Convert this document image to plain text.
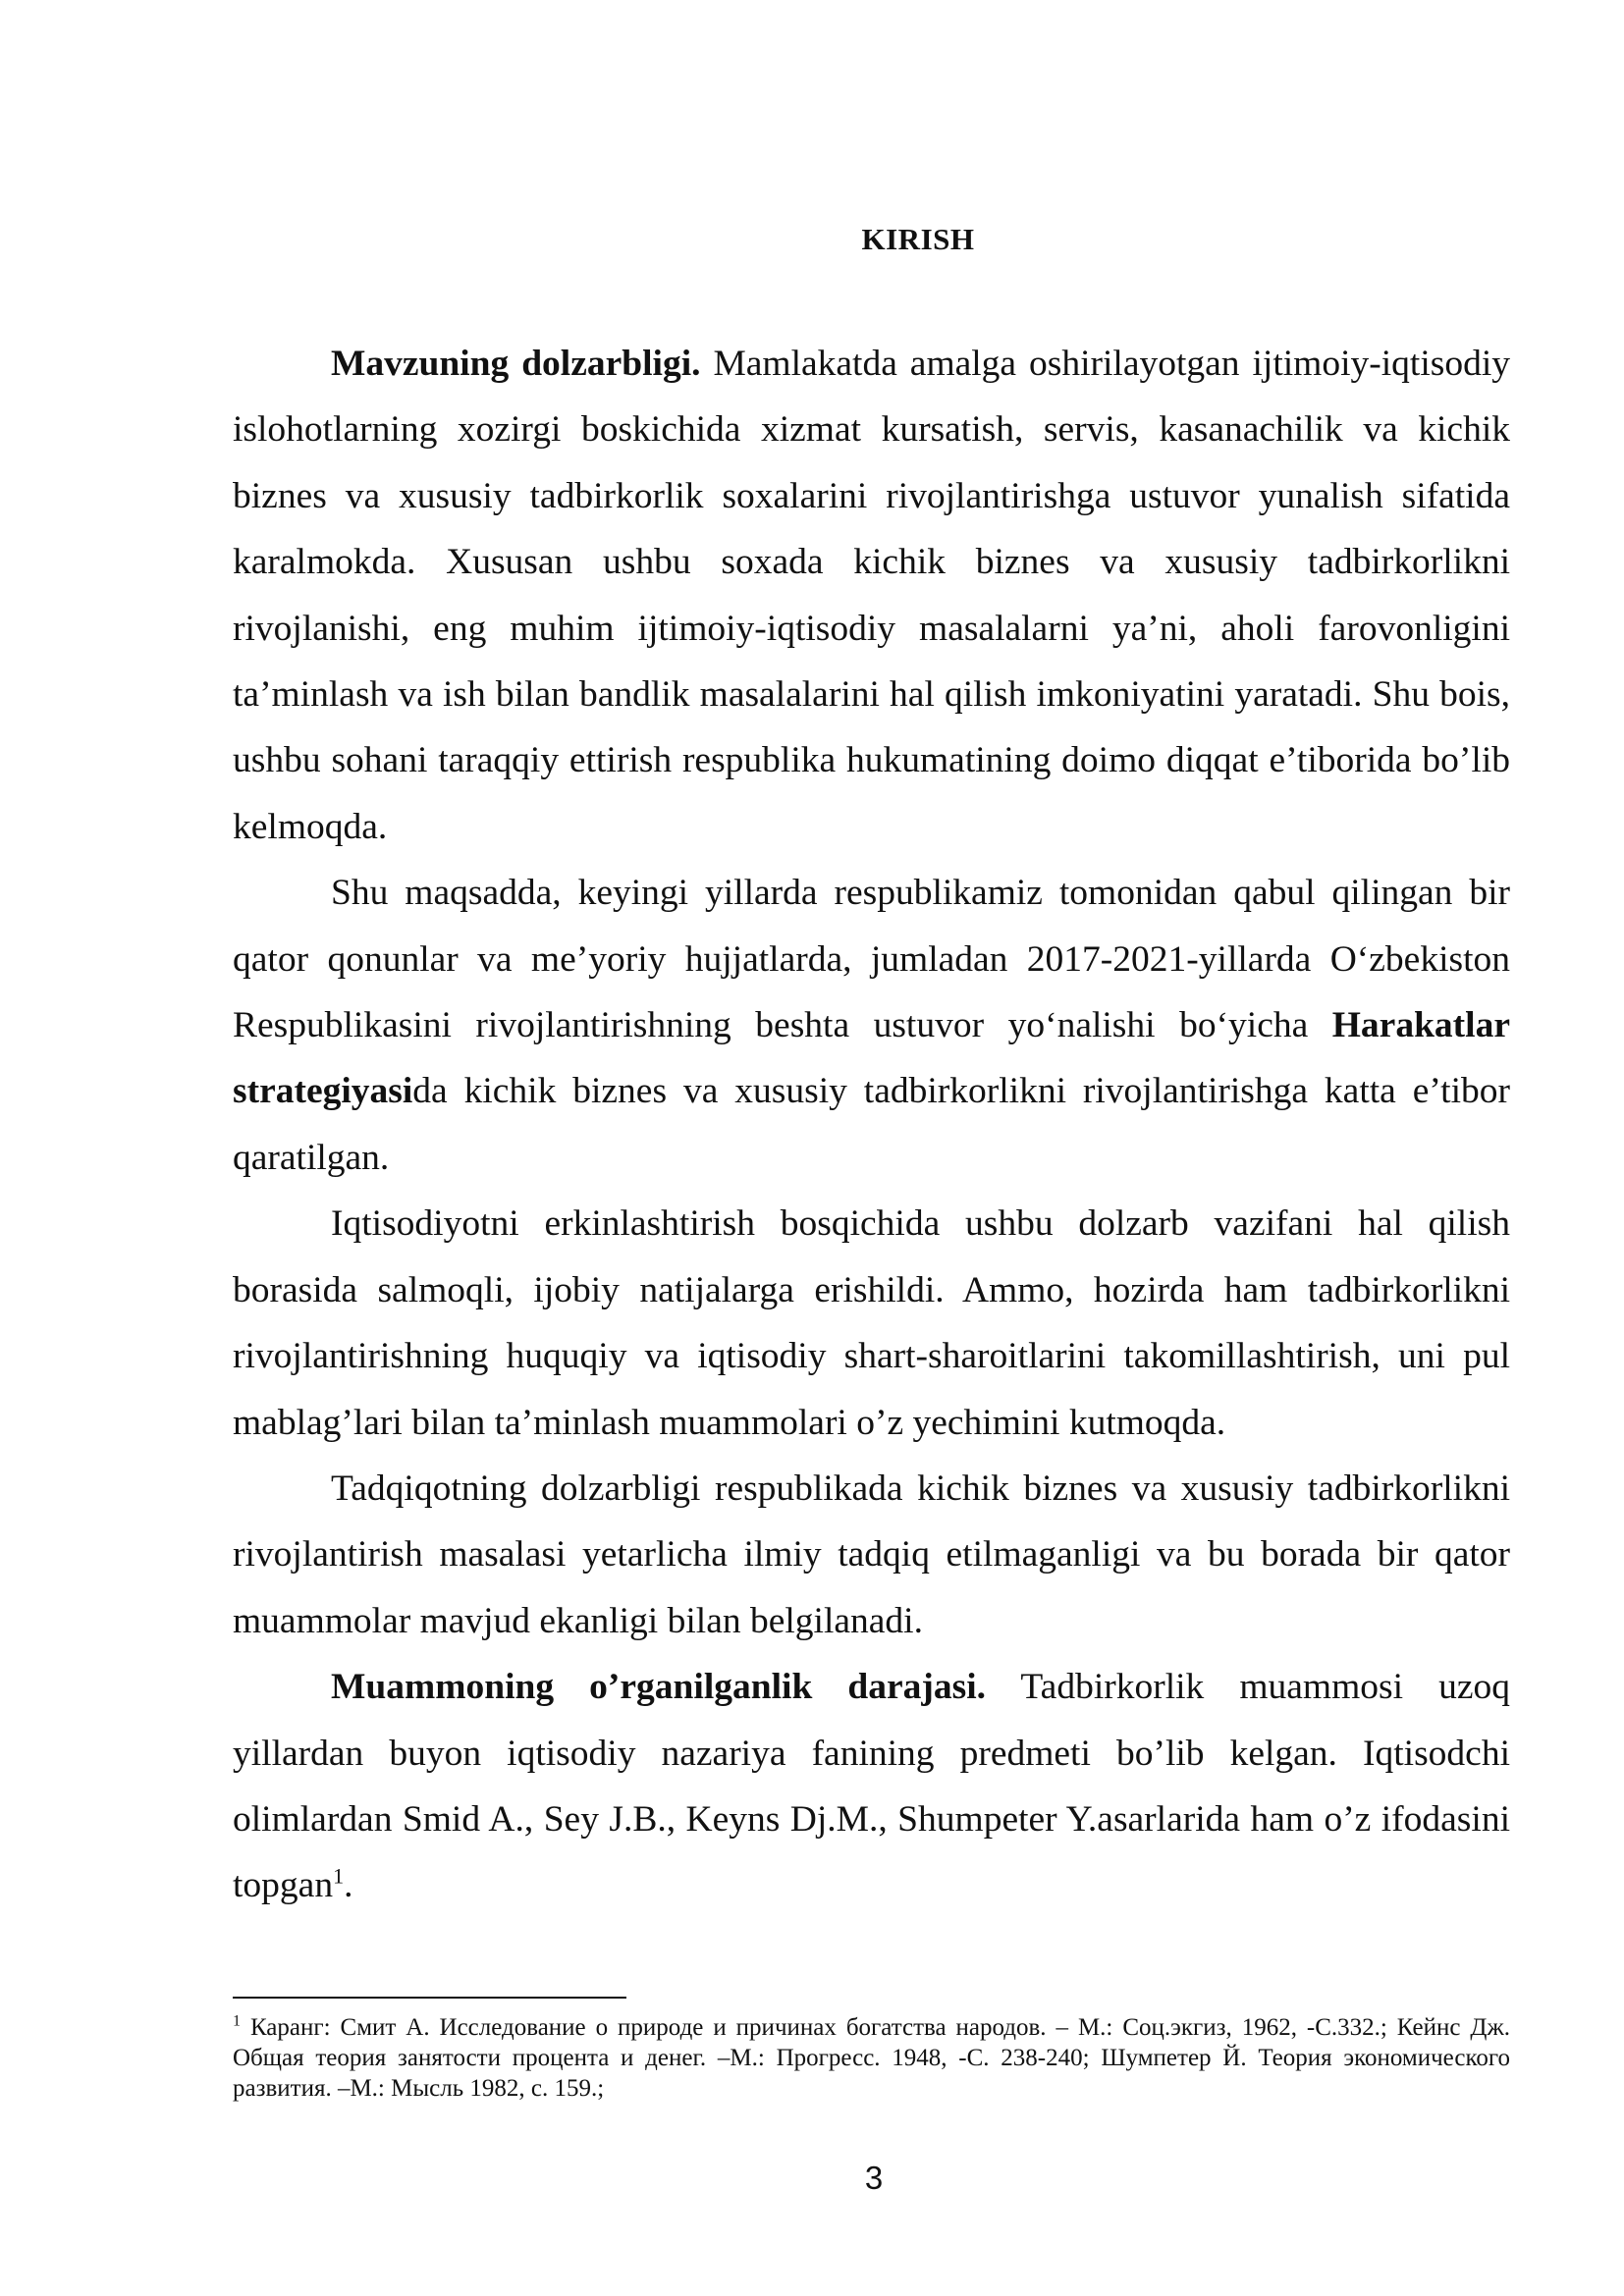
KIRISH

Mavzuning dolzarbligi. Mamlakatda amalga oshirilayotgan ijtimoiy-iqtisodiy islohotlarning xozirgi boskichida xizmat kursatish, servis, kasanachilik va kichik biznes va xususiy tadbirkorlik soxalarini rivojlantirishga ustuvor yunalish sifatida karalmokda. Xususan ushbu soxada kichik biznes va xususiy tadbirkorlikni rivojlanishi, eng muhim ijtimoiy-iqtisodiy masalalarni ya’ni, aholi farovonligini ta’minlash va ish bilan bandlik masalalarini hal qilish imkoniyatini yaratadi. Shu bois, ushbu sohani taraqqiy ettirish respublika hukumatining doimo diqqat e’tiborida bo’lib kelmoqda.

Shu maqsadda, keyingi yillarda respublikamiz tomonidan qabul qilingan bir qator qonunlar va me’yoriy hujjatlarda, jumladan 2017-2021-yillarda O‘zbekiston Respublikasini rivojlantirishning beshta ustuvor yo‘nalishi bo‘yicha Harakatlar strategiyasida kichik biznes va xususiy tadbirkorlikni rivojlantirishga katta e’tibor qaratilgan.

Iqtisodiyotni erkinlashtirish bosqichida ushbu dolzarb vazifani hal qilish borasida salmoqli, ijobiy natijalarga erishildi. Ammo, hozirda ham tadbirkorlikni rivojlantirishning huquqiy va iqtisodiy shart-sharoitlarini takomillashtirish, uni pul mablag’lari bilan ta’minlash muammolari o’z yechimini kutmoqda.

Tadqiqotning dolzarbligi respublikada kichik biznes va xususiy tadbirkorlikni rivojlantirish masalasi yetarlicha ilmiy tadqiq etilmaganligi va bu borada bir qator muammolar mavjud ekanligi bilan belgilanadi.

Muammoning o’rganilganlik darajasi. Tadbirkorlik muammosi uzoq yillardan buyon iqtisodiy nazariya fanining predmeti bo’lib kelgan. Iqtisodchi olimlardan Smid A., Sey J.B., Keyns Dj.M., Shumpeter Y.asarlarida ham o’z ifodasini topgan$^1$.

$^1$ Каранг: Смит А. Исследование о природе и причинах богатства народов. – М.: Соц.экгиз, 1962, -С.332.; Кейнс Дж. Общая теория занятости процента и денег. –М.: Прогресс. 1948, -С. 238-240; Шумпетер Й. Теория экономического развития. –М.: Мысль 1982, с. 159.;
3
